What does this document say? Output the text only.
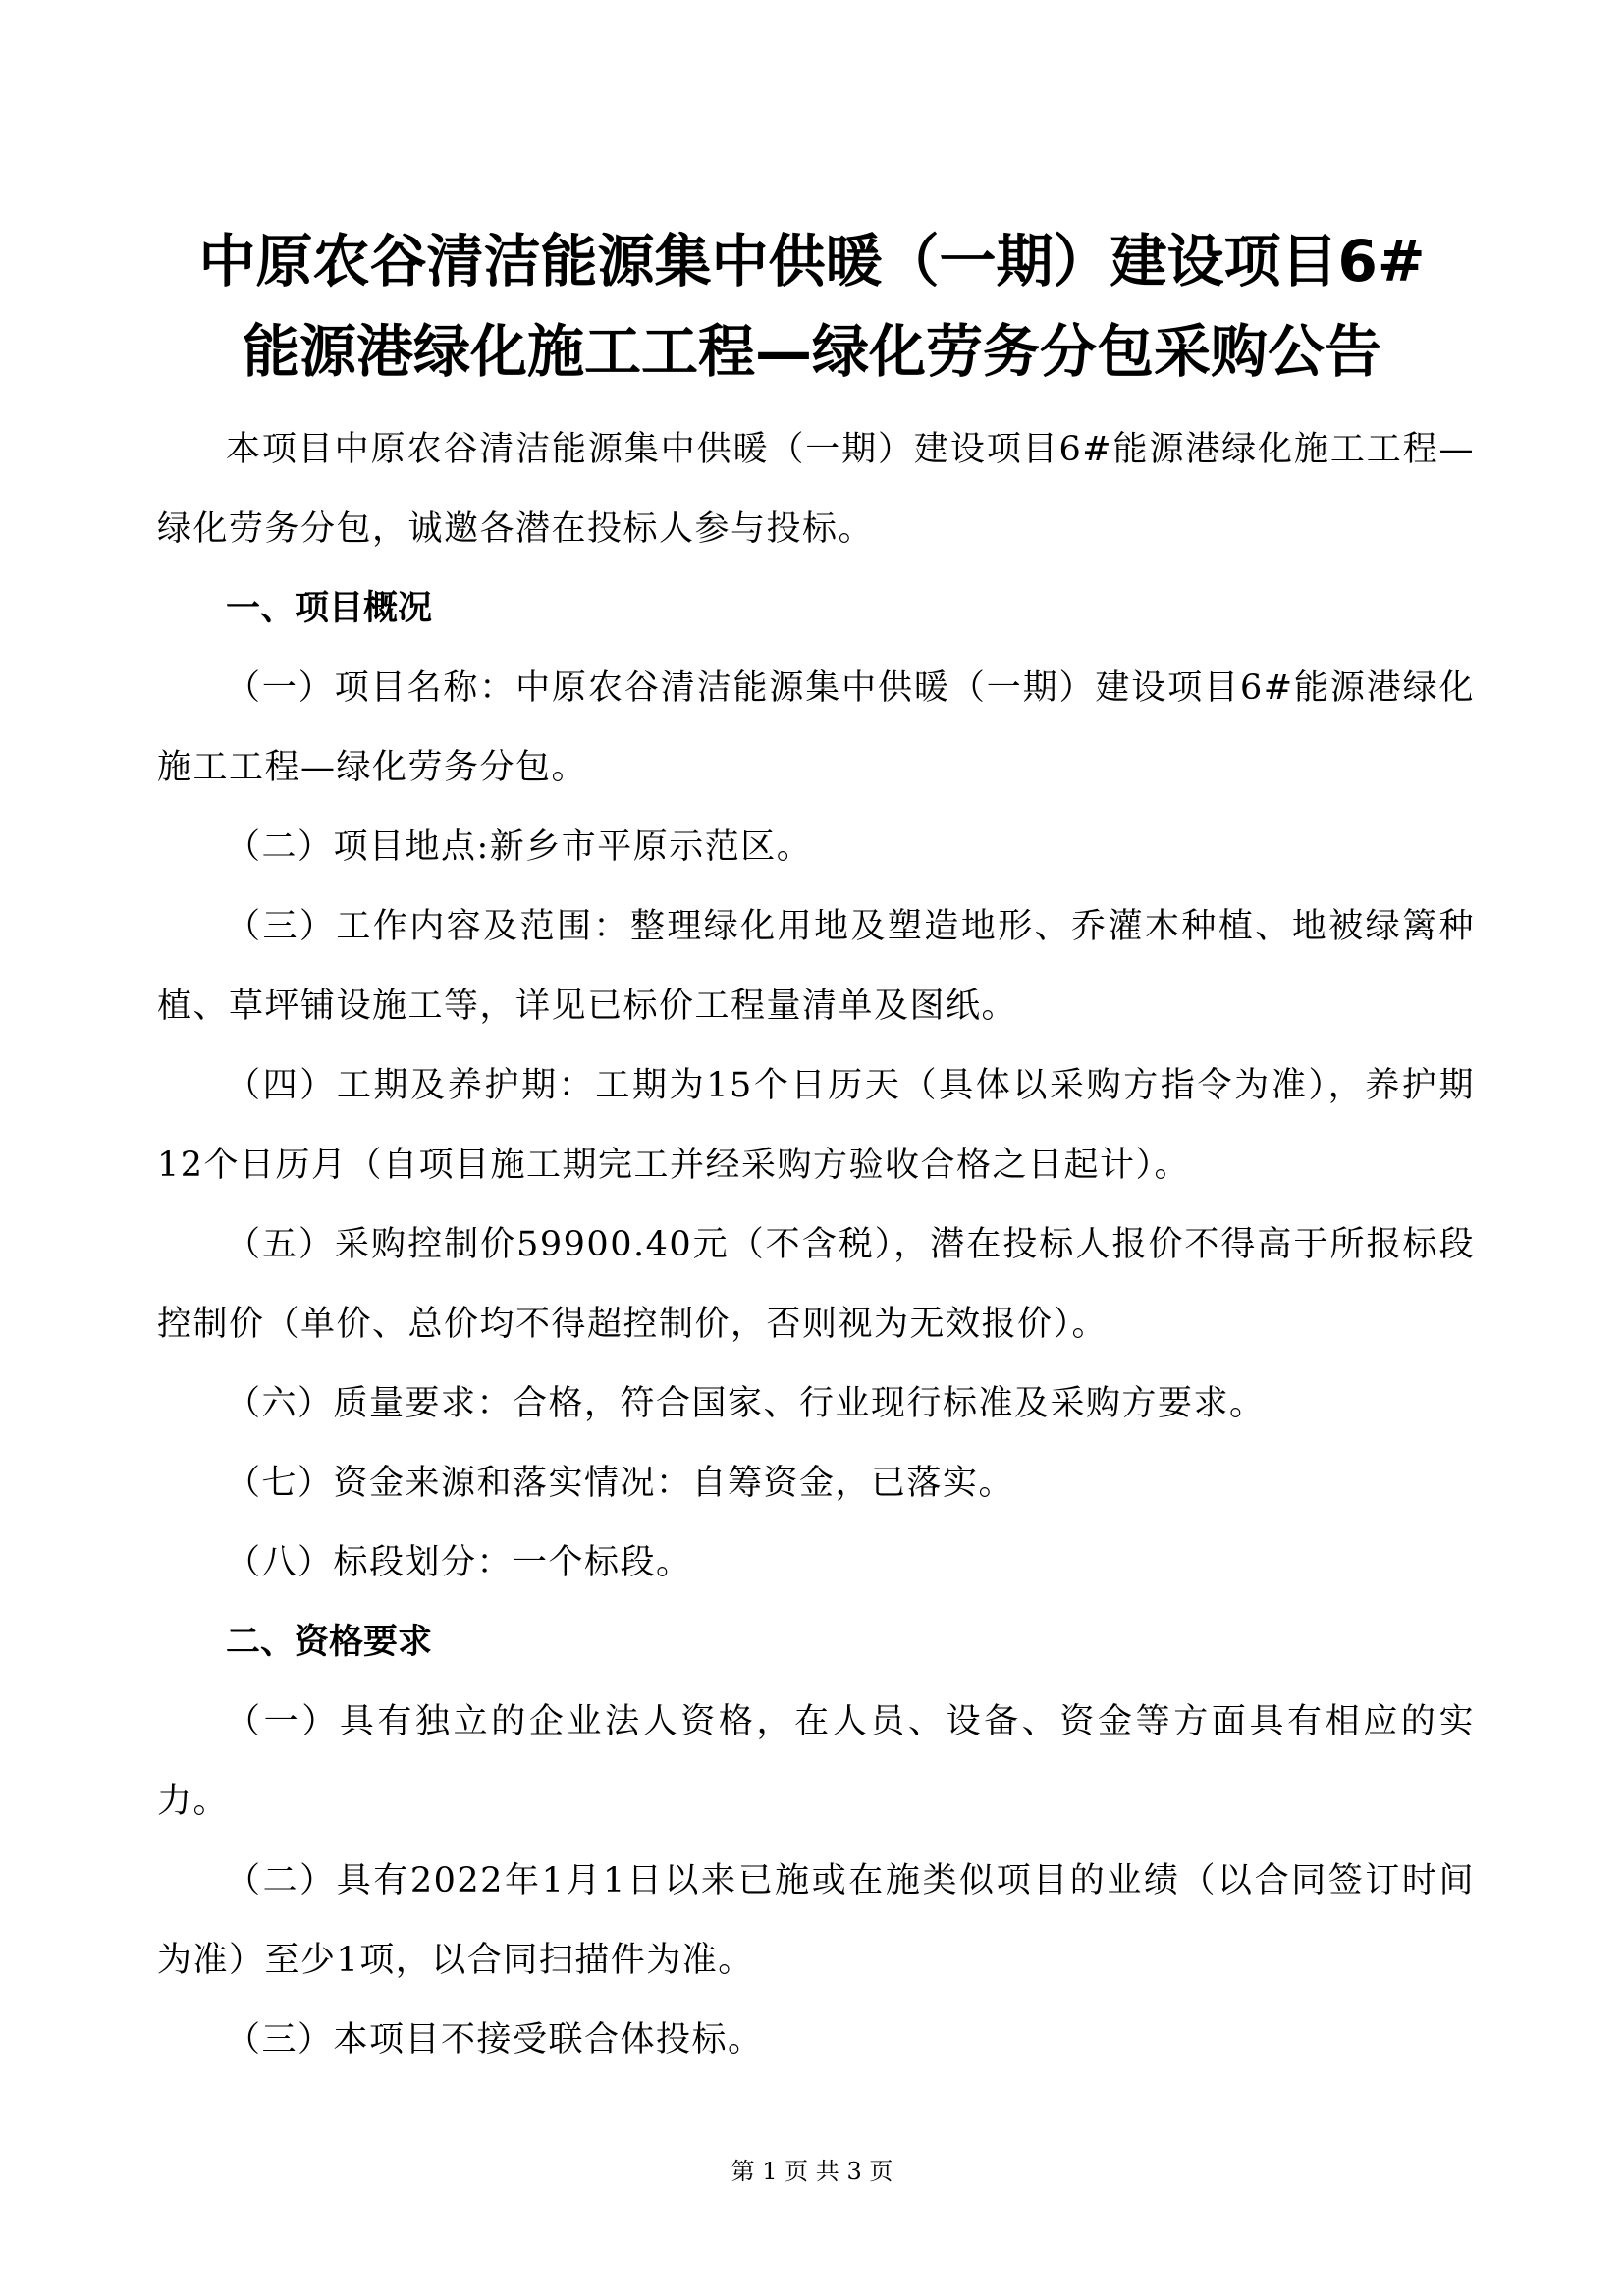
中原农谷清洁能源集中供暖（一期）建设项目6#
能源港绿化施工工程—绿化劳务分包采购公告

本项目中原农谷清洁能源集中供暖（一期）建设项目6#能源港绿化施工工程—绿化劳务分包，诚邀各潜在投标人参与投标。

一、项目概况

（一）项目名称：中原农谷清洁能源集中供暖（一期）建设项目6#能源港绿化施工工程—绿化劳务分包。

（二）项目地点:新乡市平原示范区。

（三）工作内容及范围：整理绿化用地及塑造地形、乔灌木种植、地被绿篱种植、草坪铺设施工等，详见已标价工程量清单及图纸。

（四）工期及养护期：工期为15个日历天（具体以采购方指令为准），养护期12个日历月（自项目施工期完工并经采购方验收合格之日起计）。

（五）采购控制价59900.40元（不含税），潜在投标人报价不得高于所报标段控制价（单价、总价均不得超控制价，否则视为无效报价）。

（六）质量要求：合格，符合国家、行业现行标准及采购方要求。

（七）资金来源和落实情况：自筹资金，已落实。

（八）标段划分：一个标段。

二、资格要求

（一）具有独立的企业法人资格，在人员、设备、资金等方面具有相应的实力。

（二）具有2022年1月1日以来已施或在施类似项目的业绩（以合同签订时间为准）至少1项，以合同扫描件为准。

（三）本项目不接受联合体投标。

第 1 页 共 3 页
